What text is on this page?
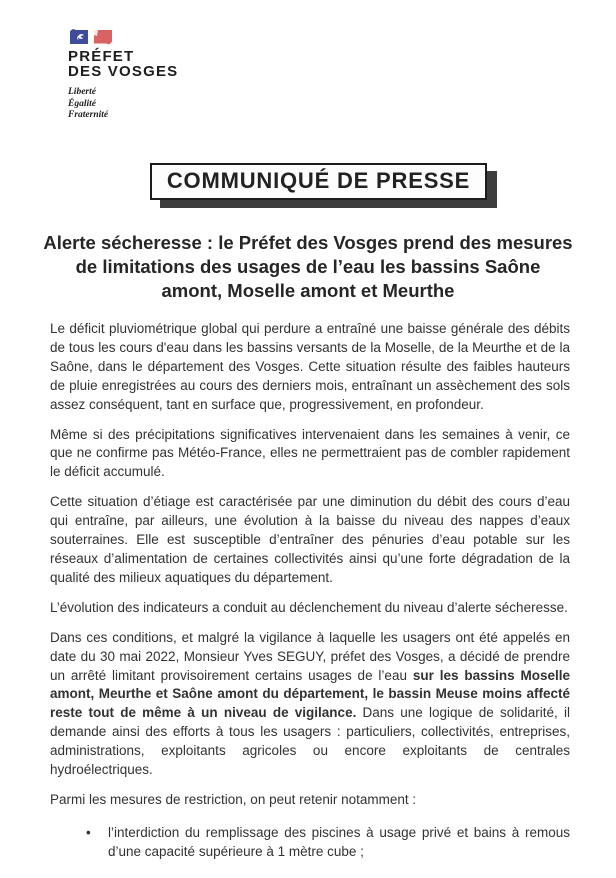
PRÉFET
DES VOSGES
Liberté
Égalité
Fraternité
COMMUNIQUÉ DE PRESSE
Alerte sécheresse : le Préfet des Vosges prend des mesures de limitations des usages de l’eau les bassins Saône amont, Moselle amont et Meurthe

Le déficit pluviométrique global qui perdure a entraîné une baisse générale des débits de tous les cours d'eau dans les bassins versants de la Moselle, de la Meurthe et de la Saône, dans le département des Vosges. Cette situation résulte des faibles hauteurs de pluie enregistrées au cours des derniers mois, entraînant un assèchement des sols assez conséquent, tant en surface que, progressivement, en profondeur.

Même si des précipitations significatives intervenaient dans les semaines à venir, ce que ne confirme pas Météo-France, elles ne permettraient pas de combler rapidement le déficit accumulé.

Cette situation d’étiage est caractérisée par une diminution du débit des cours d’eau qui entraîne, par ailleurs, une évolution à la baisse du niveau des nappes d’eaux souterraines. Elle est susceptible d’entraîner des pénuries d’eau potable sur les réseaux d’alimentation de certaines collectivités ainsi qu’une forte dégradation de la qualité des milieux aquatiques du département.

L’évolution des indicateurs a conduit au déclenchement du niveau d’alerte sécheresse.

Dans ces conditions, et malgré la vigilance à laquelle les usagers ont été appelés en date du 30 mai 2022, Monsieur Yves SEGUY, préfet des Vosges, a décidé de prendre un arrêté limitant provisoirement certains usages de l’eau sur les bassins Moselle amont, Meurthe et Saône amont du département, le bassin Meuse moins affecté reste tout de même à un niveau de vigilance. Dans une logique de solidarité, il demande ainsi des efforts à tous les usagers : particuliers, collectivités, entreprises, administrations, exploitants agricoles ou encore exploitants de centrales hydroélectriques.

Parmi les mesures de restriction, on peut retenir notamment :

• l’interdiction du remplissage des piscines à usage privé et bains à remous d’une capacité supérieure à 1 mètre cube ;
